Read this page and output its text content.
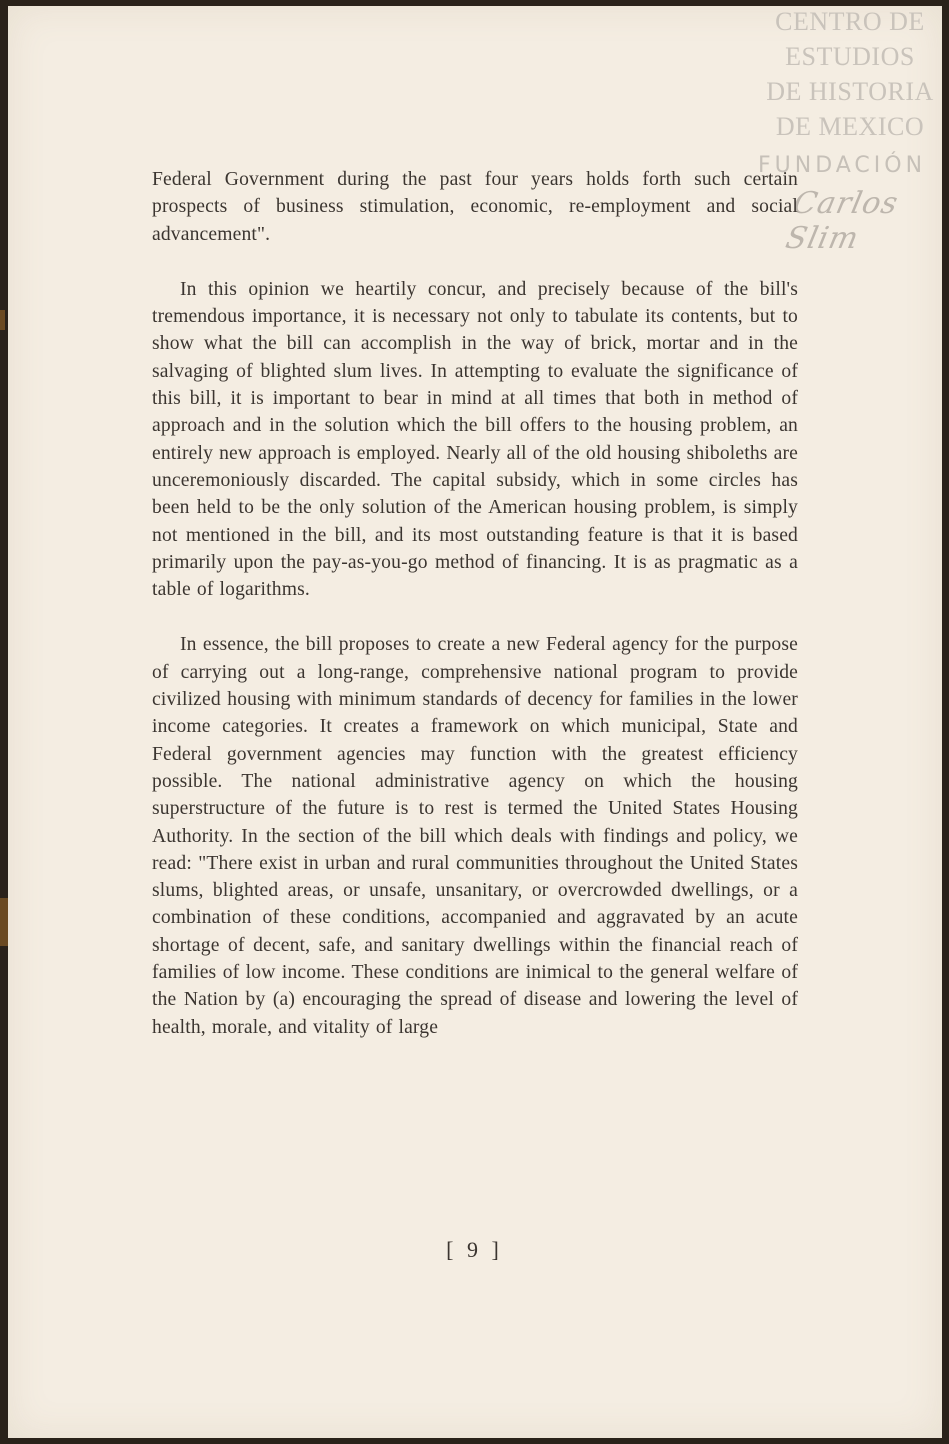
CENTRO DE
ESTUDIOS
DE HISTORIA
DE MEXICO
FUNDACIÓN
Carlos Slim

Federal Government during the past four years holds forth such certain prospects of business stimulation, economic, re-employment and social advancement".

In this opinion we heartily concur, and precisely because of the bill's tremendous importance, it is necessary not only to tabulate its contents, but to show what the bill can accomplish in the way of brick, mortar and in the salvaging of blighted slum lives. In attempting to evaluate the significance of this bill, it is important to bear in mind at all times that both in method of approach and in the solution which the bill offers to the housing problem, an entirely new approach is employed. Nearly all of the old housing shiboleths are unceremoniously discarded. The capital subsidy, which in some circles has been held to be the only solution of the American housing problem, is simply not mentioned in the bill, and its most outstanding feature is that it is based primarily upon the pay-as-you-go method of financing. It is as pragmatic as a table of logarithms.

In essence, the bill proposes to create a new Federal agency for the purpose of carrying out a long-range, comprehensive national program to provide civilized housing with minimum standards of decency for families in the lower income categories. It creates a framework on which municipal, State and Federal government agencies may function with the greatest efficiency possible. The national administrative agency on which the housing superstructure of the future is to rest is termed the United States Housing Authority. In the section of the bill which deals with findings and policy, we read: "There exist in urban and rural communities throughout the United States slums, blighted areas, or unsafe, unsanitary, or overcrowded dwellings, or a combination of these conditions, accompanied and aggravated by an acute shortage of decent, safe, and sanitary dwellings within the financial reach of families of low income. These conditions are inimical to the general welfare of the Nation by (a) encouraging the spread of disease and lowering the level of health, morale, and vitality of large

[ 9 ]
